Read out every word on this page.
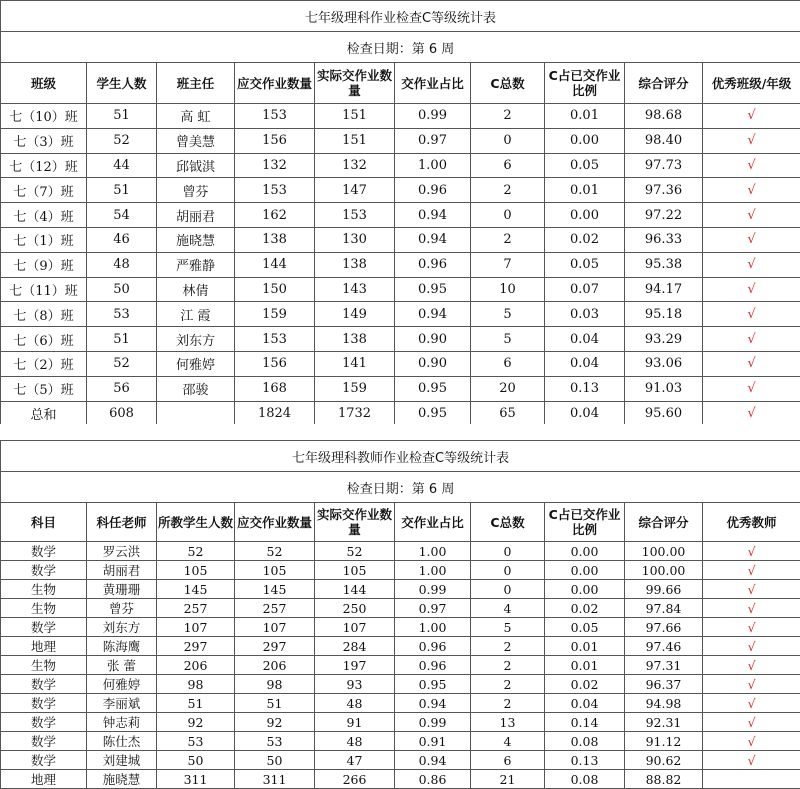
七年级理科作业检查C等级统计表									
检查日期：第 6 周									
班级	学生人数	班主任	应交作业数量	实际交作业数量	交作业占比	C总数	C占已交作业比例	综合评分	优秀班级/年级
七（10）班	51	高 虹	153	151	0.99	2	0.01	98.68	√
七（3）班	52	曾美慧	156	151	0.97	0	0.00	98.40	√
七（12）班	44	邱钺淇	132	132	1.00	6	0.05	97.73	√
七（7）班	51	曾芬	153	147	0.96	2	0.01	97.36	√
七（4）班	54	胡丽君	162	153	0.94	0	0.00	97.22	√
七（1）班	46	施晓慧	138	130	0.94	2	0.02	96.33	√
七（9）班	48	严雅静	144	138	0.96	7	0.05	95.38	√
七（11）班	50	林倩	150	143	0.95	10	0.07	94.17	√
七（8）班	53	江 霞	159	149	0.94	5	0.03	95.18	√
七（6）班	51	刘东方	153	138	0.90	5	0.04	93.29	√
七（2）班	52	何雅婷	156	141	0.90	6	0.04	93.06	√
七（5）班	56	邵骏	168	159	0.95	20	0.13	91.03	√
总和	608		1824	1732	0.95	65	0.04	95.60	√
七年级理科教师作业检查C等级统计表									
检查日期：第 6 周									
科目	科任老师	所教学生人数	应交作业数量	实际交作业数量	交作业占比	C总数	C占已交作业比例	综合评分	优秀教师
数学	罗云洪	52	52	52	1.00	0	0.00	100.00	√
数学	胡丽君	105	105	105	1.00	0	0.00	100.00	√
生物	黄珊珊	145	145	144	0.99	0	0.00	99.66	√
生物	曾芬	257	257	250	0.97	4	0.02	97.84	√
数学	刘东方	107	107	107	1.00	5	0.05	97.66	√
地理	陈海鹰	297	297	284	0.96	2	0.01	97.46	√
生物	张 蕾	206	206	197	0.96	2	0.01	97.31	√
数学	何雅婷	98	98	93	0.95	2	0.02	96.37	√
数学	李丽斌	51	51	48	0.94	2	0.04	94.98	√
数学	钟志莉	92	92	91	0.99	13	0.14	92.31	√
数学	陈仕杰	53	53	48	0.91	4	0.08	91.12	√
数学	刘建城	50	50	47	0.94	6	0.13	90.62	√
地理	施晓慧	311	311	266	0.86	21	0.08	88.82	
